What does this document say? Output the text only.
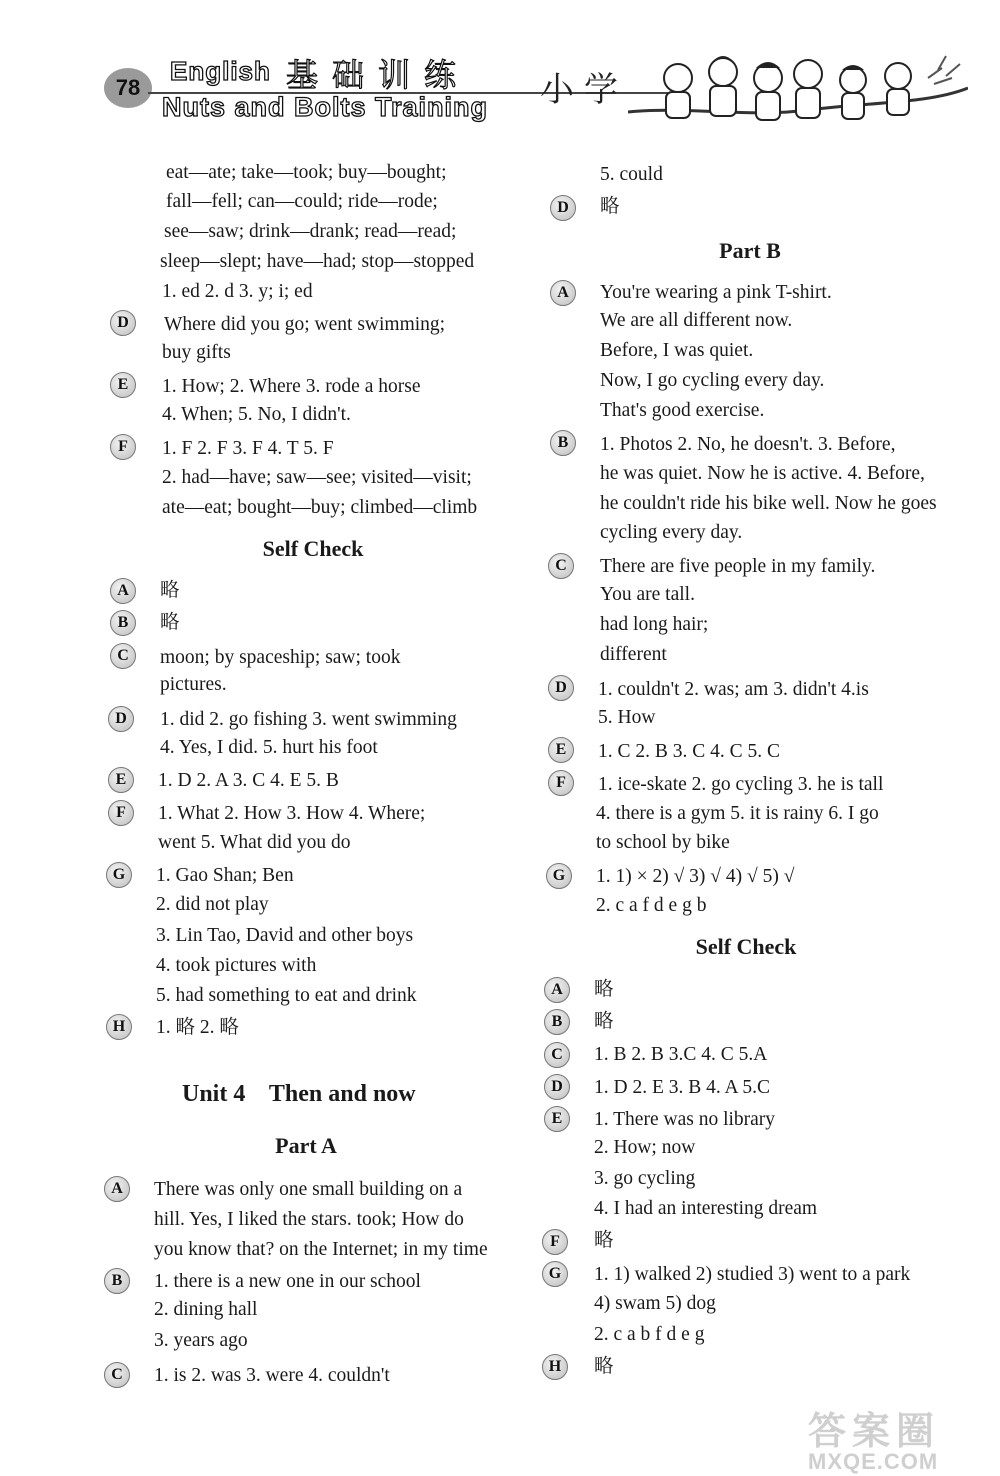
78
English 基础训练
Nuts and Bolts Training 小学
eat—ate; take—took; buy—bought;
fall—fell; can—could; ride—rode;
see—saw; drink—drank; read—read;
sleep—slept; have—had; stop—stopped
1. ed 2. d 3. y; i; ed
D	Where did you go; went swimming;
buy gifts
E	1. How; 2. Where 3. rode a horse
4. When; 5. No, I didn't.
F	1. F 2. F 3. F 4. T 5. F
2. had—have; saw—see; visited—visit;
ate—eat; bought—buy; climbed—climb
Self Check
A	略
B	略
C	moon; by spaceship; saw; took
pictures.
D	1. did 2. go fishing 3. went swimming
4. Yes, I did. 5. hurt his foot
E	1. D 2. A 3. C 4. E 5. B
F	1. What 2. How 3. How 4. Where;
went 5. What did you do
G	1. Gao Shan; Ben
2. did not play
3. Lin Tao, David and other boys
4. took pictures with
5. had something to eat and drink
H	1. 略 2. 略
Unit 4    Then and now
Part A
A	There was only one small building on a
hill. Yes, I liked the stars. took; How do
you know that? on the Internet; in my time
B	1. there is a new one in our school
2. dining hall
3. years ago
C	1. is 2. was 3. were 4. couldn't
5. could
D	略
Part B
A	You're wearing a pink T-shirt.
We are all different now.
Before, I was quiet.
Now, I go cycling every day.
That's good exercise.
B	1. Photos 2. No, he doesn't. 3. Before,
he was quiet. Now he is active. 4. Before,
he couldn't ride his bike well. Now he goes
cycling every day.
C	There are five people in my family.
You are tall.
had long hair;
different
D	1. couldn't 2. was; am 3. didn't 4.is
5. How
E	1. C 2. B 3. C 4. C 5. C
F	1. ice-skate 2. go cycling 3. he is tall
4. there is a gym 5. it is rainy 6. I go
to school by bike
G	1. 1) × 2) √ 3) √ 4) √ 5) √
2. c a f d e g b
Self Check
A	略
B	略
C	1. B 2. B 3.C 4. C 5.A
D	1. D 2. E 3. B 4. A 5.C
E	1. There was no library
2. How; now
3. go cycling
4. I had an interesting dream
F	略
G	1. 1) walked 2) studied 3) went to a park
4) swam 5) dog
2. c a b f d e g
H	略
答案圈
MXQE.COM
